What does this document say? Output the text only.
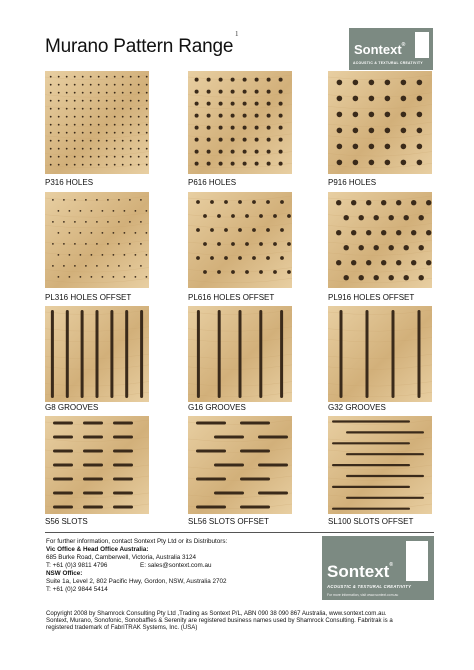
1
Murano Pattern Range	Sontext®
ACOUSTIC & TEXTURAL CREATIVITY
P316 HOLES	P616 HOLES	P916 HOLES
PL316 HOLES OFFSET	PL616 HOLES OFFSET	PL916 HOLES OFFSET
G8 GROOVES	G16 GROOVES	G32 GROOVES
S56 SLOTS	SL56 SLOTS OFFSET	SL100 SLOTS OFFSET
For further information, contact Sontext Pty Ltd or its Distributors:
Vic Office & Head Office Australia:
685 Burke Road, Camberwell, Victoria, Australia 3124
T: +61 (0)3 9811 4796	E: sales@sontext.com.au
NSW Office:
Suite 1a, Level 2, 802 Pacific Hwy, Gordon, NSW, Australia 2702
T: +61 (0)2 9844 5414
Sontext®
ACOUSTIC & TEXTURAL CREATIVITY
For more information, visit www.sontext.com.au
Copyright 2008 by Shamrock Consulting Pty Ltd ,Trading as Sontext P/L, ABN 090 38 090 867 Australia, www.sontext.com.au.
Sontext, Murano, Sonofonic, Sonobaffles & Serenity are registered business names used by Shamrock Consulting. Fabritrak is a
registered trademark of FabriTRAK Systems, Inc. (USA)
